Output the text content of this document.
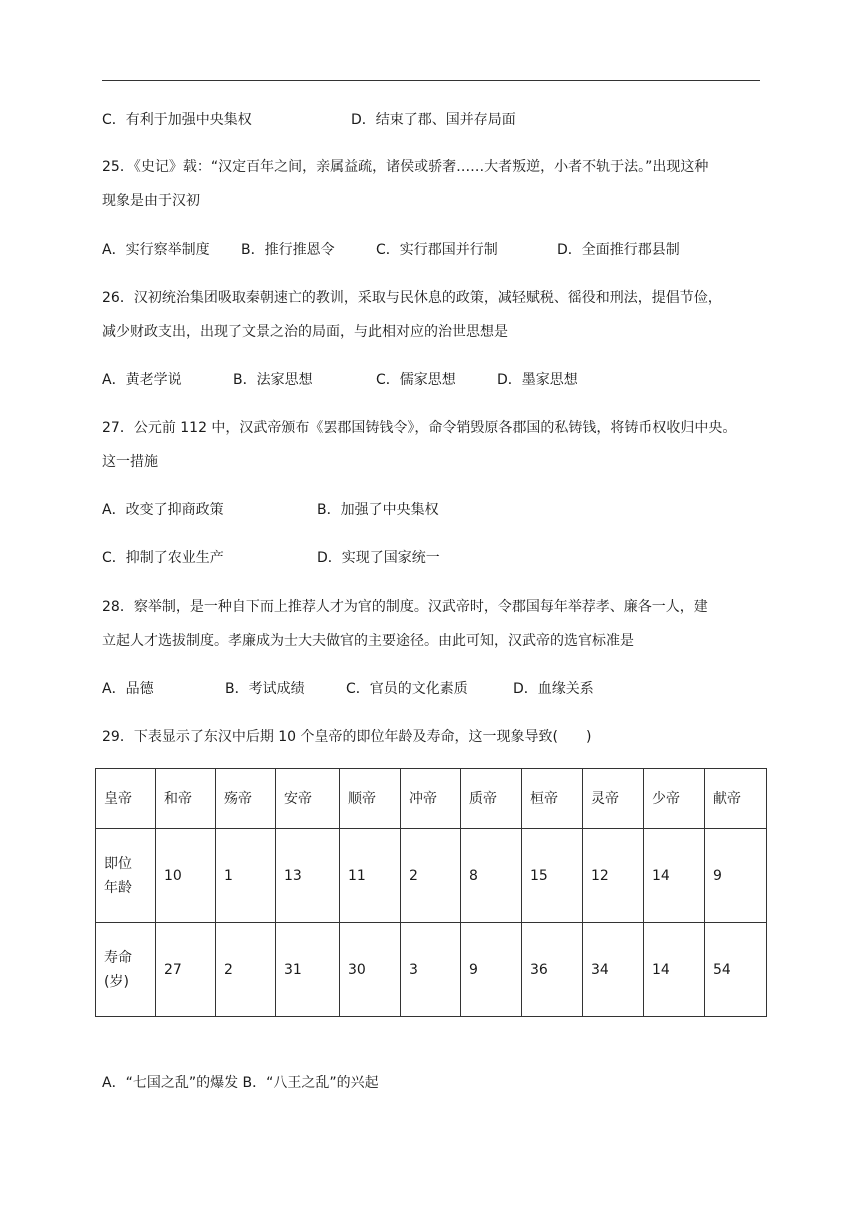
C．有利于加强中央集权	D．结束了郡、国并存局面
25．《史记》载：“汉定百年之间，亲属益疏，诸侯或骄奢……大者叛逆，小者不轨于法。”出现这种
现象是由于汉初
A．实行察举制度 B．推行推恩令	C．实行郡国并行制	D．全面推行郡县制
26．汉初统治集团吸取秦朝速亡的教训，采取与民休息的政策，减轻赋税、徭役和刑法，提倡节俭，
减少财政支出，出现了文景之治的局面，与此相对应的治世思想是
A．黄老学说	B．法家思想	C．儒家思想	D．墨家思想
27．公元前 112 中，汉武帝颁布《罢郡国铸钱令》，命令销毁原各郡国的私铸钱，将铸币权收归中央。
这一措施
A．改变了抑商政策	B．加强了中央集权
C．抑制了农业生产	D．实现了国家统一
28．察举制，是一种自下而上推荐人才为官的制度。汉武帝时，令郡国每年举荐孝、廉各一人，建
立起人才选拔制度。孝廉成为士大夫做官的主要途径。由此可知，汉武帝的选官标准是
A．品德	B．考试成绩	C．官员的文化素质	D．血缘关系
29．下表显示了东汉中后期 10 个皇帝的即位年龄及寿命，这一现象导致(　　)
皇帝	和帝	殇帝	安帝	顺帝	冲帝	质帝	桓帝	灵帝	少帝	献帝
即位
年龄	10	1	13	11	2	8	15	12	14	9
寿命
(岁)	27	2	31	30	3	9	36	34	14	54
A．“七国之乱”的爆发 B．“八王之乱”的兴起
